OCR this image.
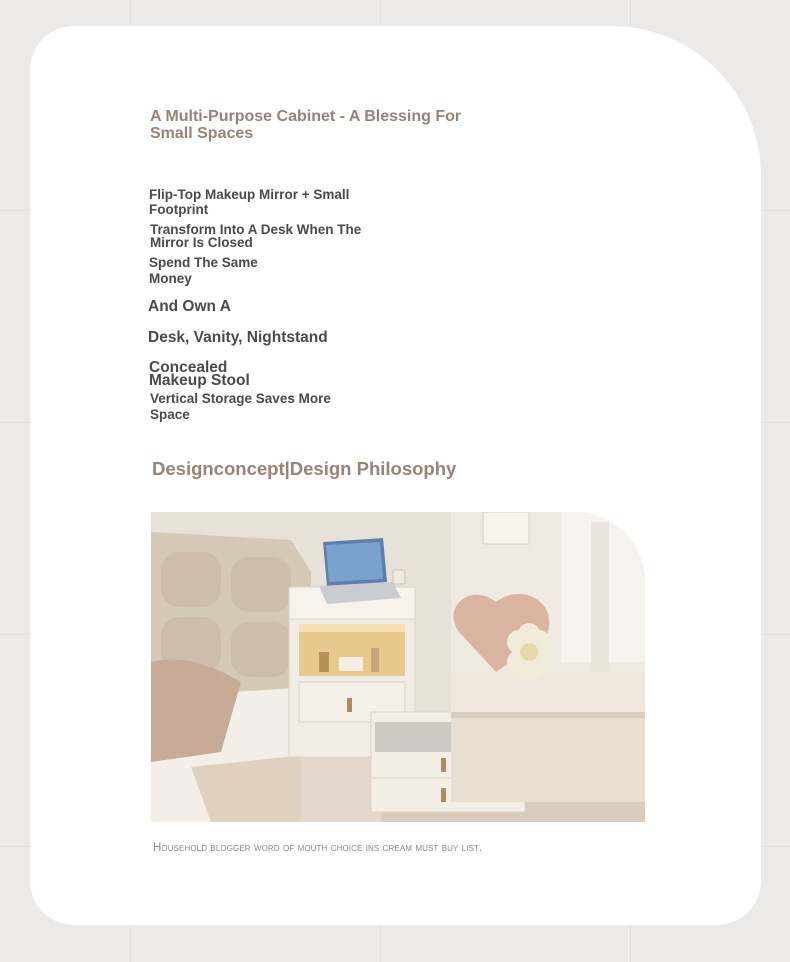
A Multi-Purpose Cabinet - A Blessing For Small Spaces

Flip-Top Makeup Mirror + Small Footprint

Transform Into A Desk When The Mirror Is Closed

Spend The Same Money

And Own A

Desk, Vanity, Nightstand

Concealed Makeup Stool

Vertical Storage Saves More Space

Designconcept|Design Philosophy

Household blogger word of mouth choice ins cream must buy list.
